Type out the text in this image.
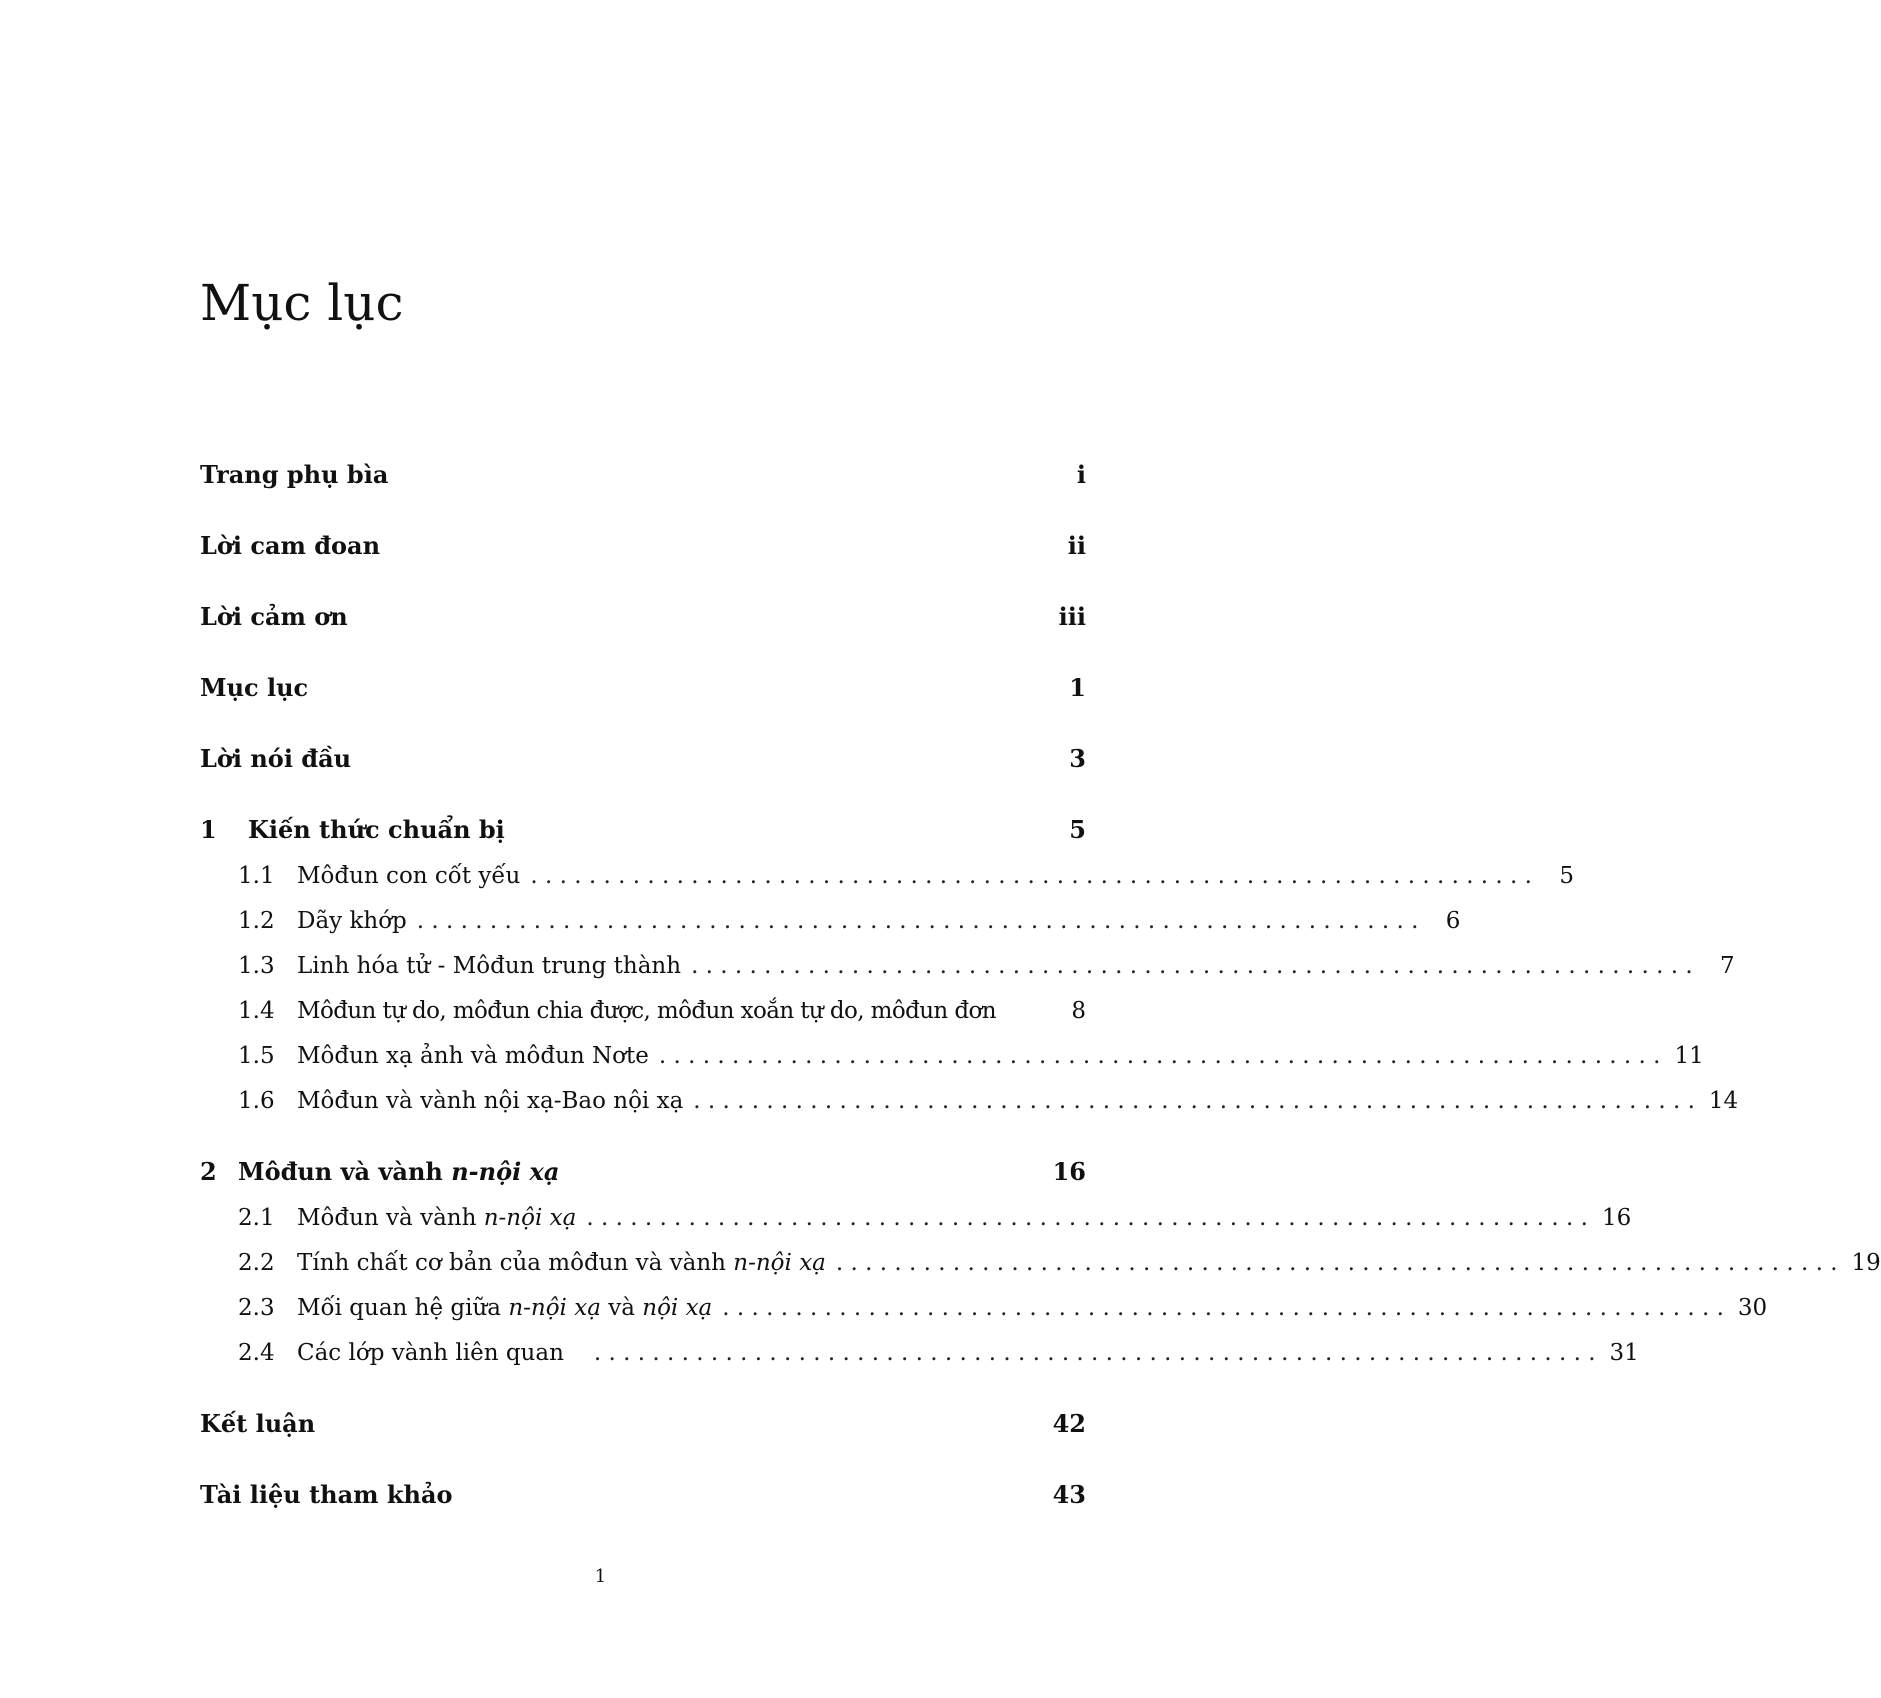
Mục lục
Trang phụ bìa	i
Lời cam đoan	ii
Lời cảm ơn	iii
Mục lục	1
Lời nói đầu	3
1	Kiến thức chuẩn bị	5
1.1 Môđun con cốt yếu . . .	5
1.2 Dãy khớp . . .	6
1.3 Linh hóa tử - Môđun trung thành . . .	7
1.4 Môđun tự do, môđun chia được, môđun xoắn tự do, môđun đơn	8
1.5 Môđun xạ ảnh và môđun Nơte . . .	11
1.6 Môđun và vành nội xạ-Bao nội xạ . . .	14
2 Môđun và vành n-nội xạ	16
2.1 Môđun và vành n-nội xạ . . .	16
2.2 Tính chất cơ bản của môđun và vành n-nội xạ . . .	19
2.3 Mối quan hệ giữa n-nội xạ và nội xạ . . .	30
2.4 Các lớp vành liên quan . . .	31
Kết luận	42
Tài liệu tham khảo	43
1
